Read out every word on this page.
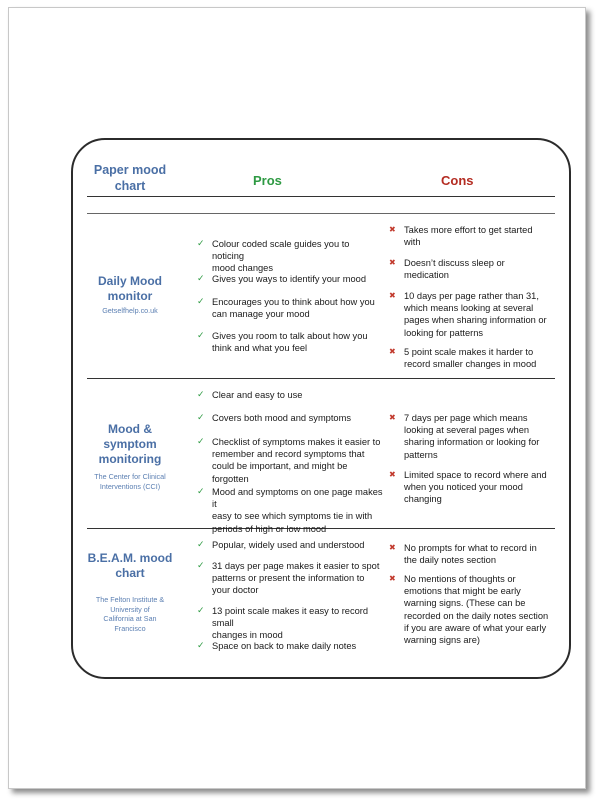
Paper mood
chart	Pros	Cons
Daily Mood
monitor
Getselfhelp.co.uk
✓ Colour coded scale guides you to noticing
mood changes
✓ Gives you ways to identify your mood
✓ Encourages you to think about how you
can manage your mood
✓ Gives you room to talk about how you
think and what you feel
✖ Takes more effort to get started
with
✖ Doesn’t discuss sleep or
medication
✖ 10 days per page rather than 31,
which means looking at several
pages when sharing information or
looking for patterns
✖ 5 point scale makes it harder to
record smaller changes in mood
Mood &
symptom
monitoring
The Center for Clinical
Interventions (CCI)
✓ Clear and easy to use
✓ Covers both mood and symptoms
✓ Checklist of symptoms makes it easier to
remember and record symptoms that
could be important, and might be
forgotten
✓ Mood and symptoms on one page makes it
easy to see which symptoms tie in with
periods of high or low mood
✖ 7 days per page which means
looking at several pages when
sharing information or looking for
patterns
✖ Limited space to record where and
when you noticed your mood
changing
B.E.A.M. mood
chart
The Felton Institute &
University of
California at San
Francisco
✓ Popular, widely used and understood
✓ 31 days per page makes it easier to spot
patterns or present the information to
your doctor
✓ 13 point scale makes it easy to record small
changes in mood
✓ Space on back to make daily notes
✖ No prompts for what to record in
the daily notes section
✖ No mentions of thoughts or
emotions that might be early
warning signs. (These can be
recorded on the daily notes section
if you are aware of what your early
warning signs are)
